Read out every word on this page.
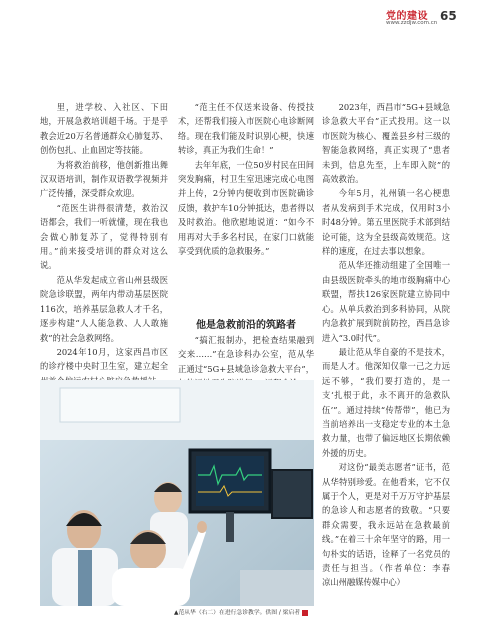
党的建设
www.zzdjw.com.cn 65

里，进学校、入社区、下田地，开展急救培训超千场。于是乎教会近20万名普通群众心肺复苏、创伤包扎、止血固定等技能。

为将救治前移，他创新推出舞汉双语培训，制作双语教学视频并广泛传播，深受群众欢迎。

“范医生讲得很清楚，救治汉语都会，我们一听就懂，现在我也会做心肺复苏了，觉得特别有用。”前来接受培训的群众对这么说。

范从华发起成立省山州县级医院急诊联盟，两年内带动基层医院116次，培养基层急救人才千名，逐步构建“人人能急救、人人敢施救”的社会急救网络。

2024年10月，这家西昌市区的诊疗楼中央时卫生室，建立起全

“范主任不仅送来设备、传授技术，还帮我们接入市医院心电诊断网络。现在我们能及时识别心梗，快速转诊，真正为我们生命！”

去年年底，一位50岁村民在田间突发胸痛，村卫生室迅速完成心电图并上传，2分钟内便收到市医院确诊反馈，救护车10分钟抵达，患者得以及时救治。他欣慰地说道：“如今不用再对大手多名村民，在家门口就能享受到优质的急救服务。”

他是急救前沿的筑路者

“搞汇报制办，把检查结果融到交来……”在急诊科办公室，范从华正通过“5G+县域急诊急救大平台”，

2023年，西昌市“5G+县域急诊急救大平台”正式投用。这一以市医院为核心、覆盖县乡村三级的智能急救网络，真正实现了“患者未到，信息先至，上车即入院”的高效救治。

今年5月，礼州镇一名心梗患者从发病到手术完成，仅用时3小时48分钟。第五里医院手术部到结论可能，这为全县级高效规范。这样的速度，在过去事以想象。

范从华还推动组建了全国唯一由县级医院牵头的地市级胸痛中心联盟，帮扶126家医院建立协同中心。从单兵救治到多科协同，从院内急救扩展到院前防控，西昌急诊进入“3.0时代”。

最让范从华自豪的不是技术，而是人才。他深知仅靠一己之力远远不够，“我们要打造的，是一支‘扎根于此，永不离开的急救队伍’”。通过持续“传帮带”，他已为当前培养出一支稳定专业的本土急救力量，也带了偏远地区长期依赖外援的历史。

对这份“最美志愿者”证书，范从华特别珍爱。在他看来，它不仅属于个人，更是对千万万守护基层的急诊人和志愿者的致敬。“只要群众需要，我永远站在急救最前线。”在着三十余年坚守的路，用一句朴实的话语，诠释了一名党员的责任与担当。（作者单位：李春　凉山州融媒传媒中心）

▲范从华（右二）在进行急诊教学。供图 / 梁启者
